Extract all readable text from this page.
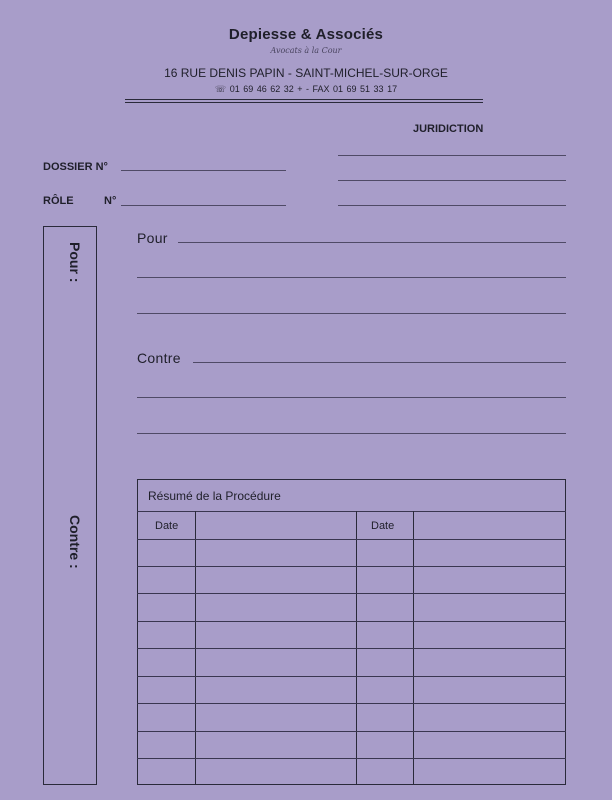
Depiesse & Associés
Avocats à la Cour
16 RUE DENIS PAPIN - SAINT-MICHEL-SUR-ORGE
☏ 01 69 46 62 32 + - FAX 01 69 51 33 17
JURIDICTION
DOSSIER N°
RÔLE	N°
Pour :
Contre :
Pour
Contre
Résumé de la Procédure
Date	Date
